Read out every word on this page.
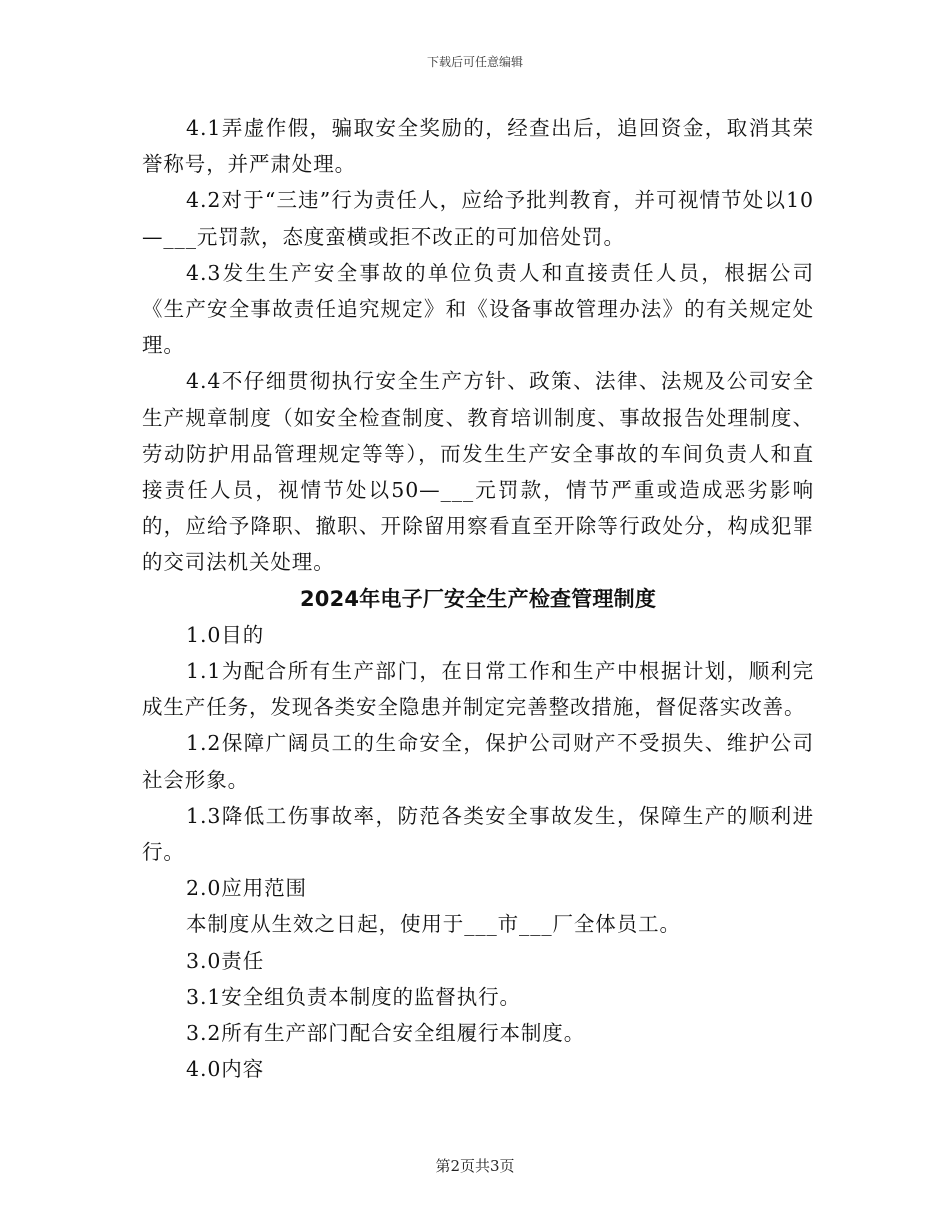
下载后可任意编辑

4.1弄虚作假，骗取安全奖励的，经查出后，追回资金，取消其荣誉称号，并严肃处理。

4.2对于“三违”行为责任人，应给予批判教育，并可视情节处以10—___元罚款，态度蛮横或拒不改正的可加倍处罚。

4.3发生生产安全事故的单位负责人和直接责任人员，根据公司《生产安全事故责任追究规定》和《设备事故管理办法》的有关规定处理。

4.4不仔细贯彻执行安全生产方针、政策、法律、法规及公司安全生产规章制度（如安全检查制度、教育培训制度、事故报告处理制度、劳动防护用品管理规定等等），而发生生产安全事故的车间负责人和直接责任人员，视情节处以50—___元罚款，情节严重或造成恶劣影响的，应给予降职、撤职、开除留用察看直至开除等行政处分，构成犯罪的交司法机关处理。

2024年电子厂安全生产检查管理制度

1.0目的

1.1为配合所有生产部门，在日常工作和生产中根据计划，顺利完成生产任务，发现各类安全隐患并制定完善整改措施，督促落实改善。

1.2保障广阔员工的生命安全，保护公司财产不受损失、维护公司社会形象。

1.3降低工伤事故率，防范各类安全事故发生，保障生产的顺利进行。

2.0应用范围

本制度从生效之日起，使用于___市___厂全体员工。

3.0责任

3.1安全组负责本制度的监督执行。

3.2所有生产部门配合安全组履行本制度。

4.0内容

第2页共3页
